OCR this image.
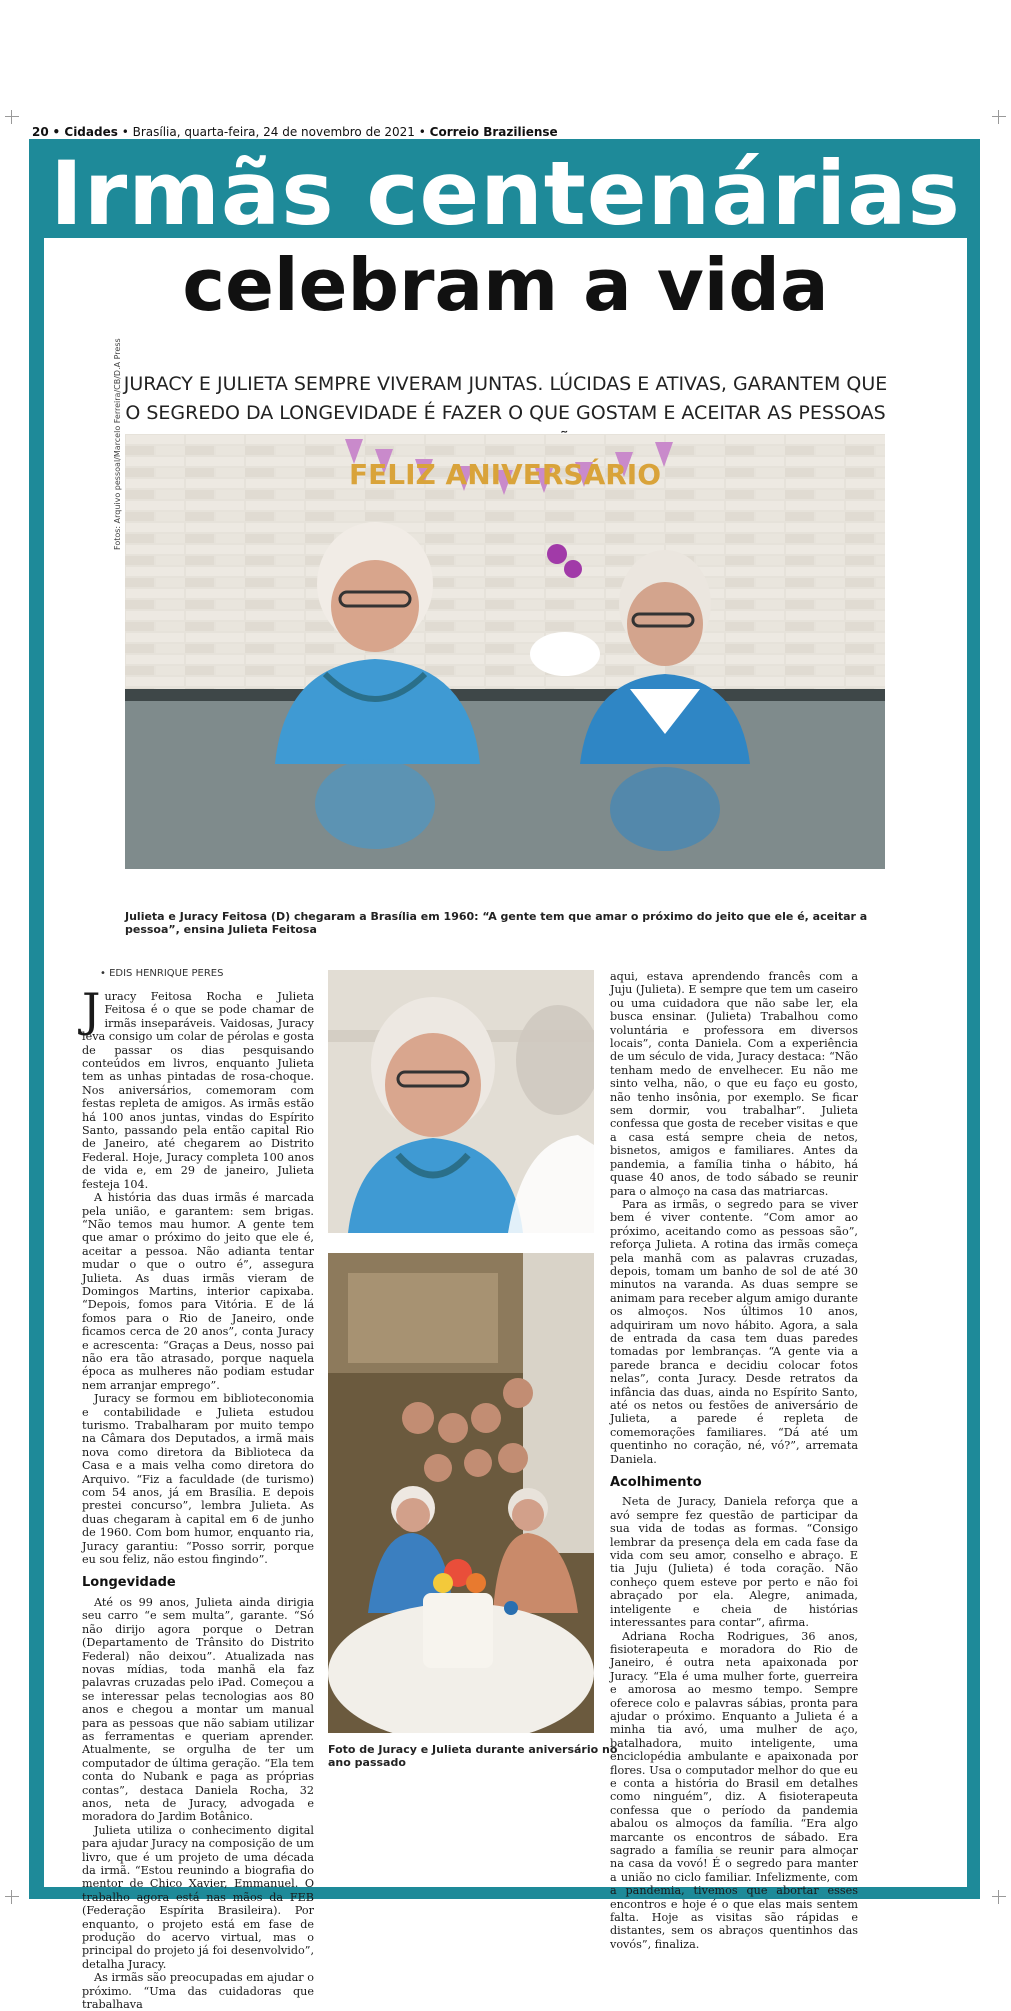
20 • Cidades • Brasília, quarta-feira, 24 de novembro de 2021 • Correio Braziliense
Irmãs centenárias
celebram a vida
JURACY E JULIETA SEMPRE VIVERAM JUNTAS. LÚCIDAS E ATIVAS, GARANTEM QUE O SEGREDO DA LONGEVIDADE É FAZER O QUE GOSTAM E ACEITAR AS PESSOAS
FELIZ ANIVERSÁRIO
Fotos: Arquivo pessoal/Marcelo Ferreira/CB/D.A Press
Julieta e Juracy Feitosa (D) chegaram a Brasília em 1960: “A gente tem que amar o próximo do jeito que ele é, aceitar a pessoa”, ensina Julieta Feitosa
• EDIS HENRIQUE PERES

Juracy Feitosa Rocha e Julieta Feitosa é o que se pode chamar de irmãs inseparáveis. Vaidosas, Juracy leva consigo um colar de pérolas e gosta de passar os dias pesquisando conteúdos em livros, enquanto Julieta tem as unhas pintadas de rosa-choque. Nos aniversários, comemoram com festas repleta de amigos. As irmãs estão há 100 anos juntas, vindas do Espírito Santo, passando pela então capital Rio de Janeiro, até chegarem ao Distrito Federal. Hoje, Juracy completa 100 anos de vida e, em 29 de janeiro, Julieta festeja 104.

A história das duas irmãs é marcada pela união, e garantem: sem brigas. “Não temos mau humor. A gente tem que amar o próximo do jeito que ele é, aceitar a pessoa. Não adianta tentar mudar o que o outro é”, assegura Julieta. As duas irmãs vieram de Domingos Martins, interior capixaba. “Depois, fomos para Vitória. E de lá fomos para o Rio de Janeiro, onde ficamos cerca de 20 anos”, conta Juracy e acrescenta: “Graças a Deus, nosso pai não era tão atrasado, porque naquela época as mulheres não podiam estudar nem arranjar emprego”.

Juracy se formou em biblioteconomia e contabilidade e Julieta estudou turismo. Trabalharam por muito tempo na Câmara dos Deputados, a irmã mais nova como diretora da Biblioteca da Casa e a mais velha como diretora do Arquivo. “Fiz a faculdade (de turismo) com 54 anos, já em Brasília. E depois prestei concurso”, lembra Julieta. As duas chegaram à capital em 6 de junho de 1960. Com bom humor, enquanto ria, Juracy garantiu: “Posso sorrir, porque eu sou feliz, não estou fingindo”.

Longevidade

Até os 99 anos, Julieta ainda dirigia seu carro “e sem multa”, garante. “Só não dirijo agora porque o Detran (Departamento de Trânsito do Distrito Federal) não deixou”. Atualizada nas novas mídias, toda manhã ela faz palavras cruzadas pelo iPad. Começou a se interessar pelas tecnologias aos 80 anos e chegou a montar um manual para as pessoas que não sabiam utilizar as ferramentas e queriam aprender. Atualmente, se orgulha de ter um computador de última geração. “Ela tem conta do Nubank e paga as próprias contas”, destaca Daniela Rocha, 32 anos, neta de Juracy, advogada e moradora do Jardim Botânico.

Julieta utiliza o conhecimento digital para ajudar Juracy na composição de um livro, que é um projeto de uma década da irmã. “Estou reunindo a biografia do mentor de Chico Xavier, Emmanuel. O trabalho agora está nas mãos da FEB (Federação Espírita Brasileira). Por enquanto, o projeto está em fase de produção do acervo virtual, mas o principal do projeto já foi desenvolvido”, detalha Juracy.

As irmãs são preocupadas em ajudar o próximo. “Uma das cuidadoras que trabalhava

Foto de Juracy e Julieta durante aniversário no ano passado

aqui, estava aprendendo francês com a Juju (Julieta). E sempre que tem um caseiro ou uma cuidadora que não sabe ler, ela busca ensinar. (Julieta) Trabalhou como voluntária e professora em diversos locais”, conta Daniela. Com a experiência de um século de vida, Juracy destaca: “Não tenham medo de envelhecer. Eu não me sinto velha, não, o que eu faço eu gosto, não tenho insônia, por exemplo. Se ficar sem dormir, vou trabalhar”. Julieta confessa que gosta de receber visitas e que a casa está sempre cheia de netos, bisnetos, amigos e familiares. Antes da pandemia, a família tinha o hábito, há quase 40 anos, de todo sábado se reunir para o almoço na casa das matriarcas.

Para as irmãs, o segredo para se viver bem é viver contente. “Com amor ao próximo, aceitando como as pessoas são”, reforça Julieta. A rotina das irmãs começa pela manhã com as palavras cruzadas, depois, tomam um banho de sol de até 30 minutos na varanda. As duas sempre se animam para receber algum amigo durante os almoços. Nos últimos 10 anos, adquiriram um novo hábito. Agora, a sala de entrada da casa tem duas paredes tomadas por lembranças. “A gente via a parede branca e decidiu colocar fotos nelas”, conta Juracy. Desde retratos da infância das duas, ainda no Espírito Santo, até os netos ou festões de aniversário de Julieta, a parede é repleta de comemorações familiares. “Dá até um quentinho no coração, né, vó?”, arremata Daniela.

Acolhimento

Neta de Juracy, Daniela reforça que a avó sempre fez questão de participar da sua vida de todas as formas. “Consigo lembrar da presença dela em cada fase da vida com seu amor, conselho e abraço. E tia Juju (Julieta) é toda coração. Não conheço quem esteve por perto e não foi abraçado por ela. Alegre, animada, inteligente e cheia de histórias interessantes para contar”, afirma.

Adriana Rocha Rodrigues, 36 anos, fisioterapeuta e moradora do Rio de Janeiro, é outra neta apaixonada por Juracy. “Ela é uma mulher forte, guerreira e amorosa ao mesmo tempo. Sempre oferece colo e palavras sábias, pronta para ajudar o próximo. Enquanto a Julieta é a minha tia avó, uma mulher de aço, batalhadora, muito inteligente, uma enciclopédia ambulante e apaixonada por flores. Usa o computador melhor do que eu e conta a história do Brasil em detalhes como ninguém”, diz. A fisioterapeuta confessa que o período da pandemia abalou os almoços da família. “Era algo marcante os encontros de sábado. Era sagrado a família se reunir para almoçar na casa da vovó! É o segredo para manter a união no ciclo familiar. Infelizmente, com a pandemia, tivemos que abortar esses encontros e hoje é o que elas mais sentem falta. Hoje as visitas são rápidas e distantes, sem os abraços quentinhos das vovós”, finaliza.
